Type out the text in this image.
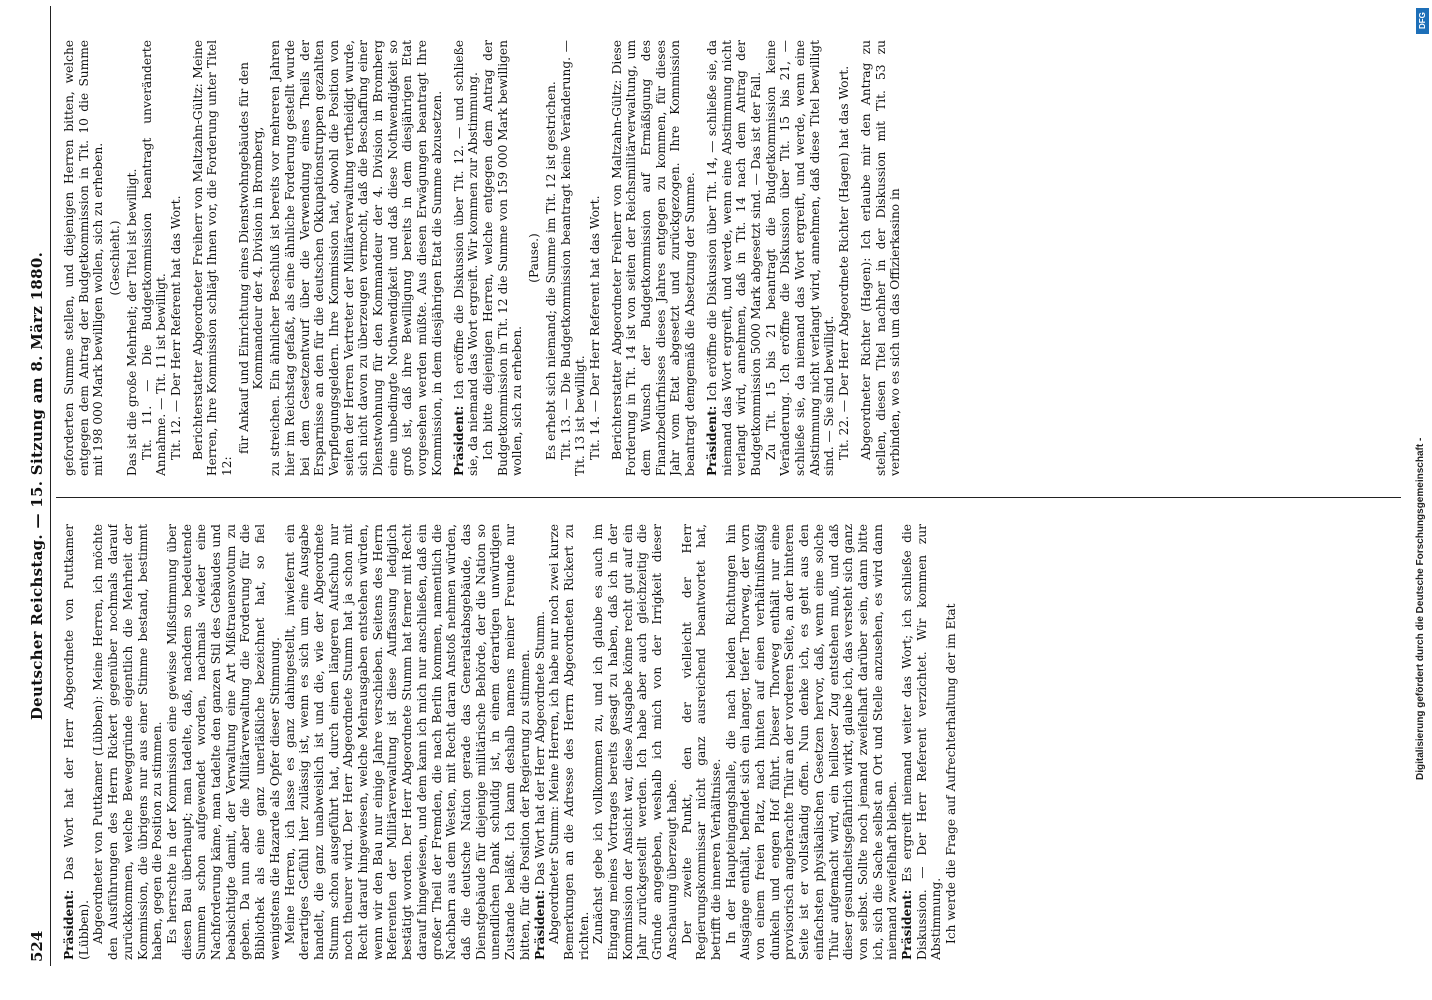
524
Deutscher Reichstag. — 15. Sitzung am 8. März 1880.

Präsident: Das Wort hat der Herr Abgeordnete von Puttkamer (Lübben). Abgeordneter von Puttkamer (Lübben): Meine Herren, ich möchte den Ausführungen des Herrn Rickert gegenüber nochmals darauf zurückkommen, welche Beweggründe eigentlich die Mehrheit der Kommission, die übrigens nur aus einer Stimme bestand, bestimmt haben, gegen die Position zu stimmen. Es herrschte in der Kommission eine gewisse Mißstimmung über diesen Bau überhaupt; man tadelte, daß, nachdem so bedeutende Summen schon aufgewendet worden, nachmals wieder eine Nachforderung käme, man tadelte den ganzen Stil des Gebäudes und beabsichtigte damit, der Verwaltung eine Art Mißtrauensvotum zu geben. Da nun aber die Militärverwaltung die Forderung für die Bibliothek als eine ganz unerläßliche bezeichnet hat, so fiel wenigstens die Hazarde als Opfer dieser Stimmung. Meine Herren, ich lasse es ganz dahingestellt, inwiefernt ein derartiges Gefühl hier zulässig ist, wenn es sich um eine Ausgabe handelt, die ganz unabweislich ist und die, wie der Abgeordnete Stumm schon ausgeführt hat, durch einen längeren Aufschub nur noch theurer wird. Der Herr Abgeordnete Stumm hat ja schon mit Recht darauf hingewiesen, welche Mehrausgaben entstehen würden, wenn wir den Bau nur einige Jahre verschieben. Seitens des Herrn Referenten der Militärverwaltung ist diese Auffassung lediglich bestätigt worden. Der Herr Abgeordnete Stumm hat ferner mit Recht darauf hingewiesen, und dem kann ich mich nur anschließen, daß ein großer Theil der Fremden, die nach Berlin kommen, namentlich die Nachbarn aus dem Westen, mit Recht daran Anstoß nehmen würden, daß die deutsche Nation gerade das Generalstabsgebäude, das Dienstgebäude für diejenige militärische Behörde, der die Nation so unendlichen Dank schuldig ist, in einem derartigen unwürdigen Zustande beläßt. Ich kann deshalb namens meiner Freunde nur bitten, für die Position der Regierung zu stimmen. Präsident: Das Wort hat der Herr Abgeordnete Stumm. Abgeordneter Stumm: Meine Herren, ich habe nur noch zwei kurze Bemerkungen an die Adresse des Herrn Abgeordneten Rickert zu richten. Zunächst gebe ich vollkommen zu, und ich glaube es auch im Eingang meines Vortrages bereits gesagt zu haben, daß ich in der Kommission der Ansicht war, diese Ausgabe könne recht gut auf ein Jahr zurückgestellt werden. Ich habe aber auch gleichzeitig die Gründe angegeben, weshalb ich mich von der Irrigkeit dieser Anschauung überzeugt habe. Der zweite Punkt, den der vielleicht der Herr Regierungskommissar nicht ganz ausreichend beantwortet hat, betrifft die inneren Verhältnisse. In der Haupteingangshalle, die nach beiden Richtungen hin Ausgänge enthält, befindet sich ein langer, tiefer Thorweg, der vorn von einem freien Platz, nach hinten auf einen verhältnißmäßig dunkeln und engen Hof führt. Dieser Thorweg enthält nur eine provisorisch angebrachte Thür an der vorderen Seite, an der hinteren Seite ist er vollständig offen. Nun denke ich, es geht aus den einfachsten physikalischen Gesetzen hervor, daß, wenn eine solche Thür aufgemacht wird, ein heilloser Zug entstehen muß, und daß dieser gesundheitsgefährlich wirkt, glaube ich, das versteht sich ganz von selbst. Sollte noch jemand zweifelhaft darüber sein, dann bitte ich, sich die Sache selbst an Ort und Stelle anzusehen, es wird dann niemand zweifelhaft bleiben. Präsident: Es ergreift niemand weiter das Wort; ich schließe die Diskussion. — Der Herr Referent verzichtet. Wir kommen zur Abstimmung. Ich werde die Frage auf Aufrechterhaltung der im Etat

geforderten Summe stellen, und diejenigen Herren bitten, welche entgegen dem Antrag der Budgetkommission in Tit. 10 die Summe mit 198 000 Mark bewilligen wollen, sich zu erheben. (Geschieht.) Das ist die große Mehrheit; der Titel ist bewilligt. Tit. 11. — Die Budgetkommission beantragt unveränderte Annahme. — Tit. 11 ist bewilligt. Tit. 12. — Der Herr Referent hat das Wort. Berichterstatter Abgeordneter Freiherr von Maltzahn-Gültz: Meine Herren, Ihre Kommission schlägt Ihnen vor, die Forderung unter Titel 12:

für Ankauf und Einrichtung eines Dienstwohngebäudes für den Kommandeur der 4. Division in Bromberg, zu streichen. Ein ähnlicher Beschluß ist bereits vor mehreren Jahren hier im Reichstag gefaßt, als eine ähnliche Forderung gestellt wurde bei dem Gesetzentwurf über die Verwendung eines Theils der Ersparnisse an den für die deutschen Okkupationstruppen gezahlten Verpflegungsgeldern. Ihre Kommission hat, obwohl die Position von seiten der Herren Vertreter der Militärverwaltung vertheidigt wurde, sich nicht davon zu überzeugen vermocht, daß die Beschaffung einer Dienstwohnung für den Kommandeur der 4. Division in Bromberg eine unbedingte Nothwendigkeit und daß diese Nothwendigkeit so groß ist, daß ihre Bewilligung bereits in dem diesjährigen Etat vorgesehen werden müßte. Aus diesen Erwägungen beantragt Ihre Kommission, in dem diesjährigen Etat die Summe abzusetzen. Präsident: Ich eröffne die Diskussion über Tit. 12. — und schließe sie, da niemand das Wort ergreift. Wir kommen zur Abstimmung. Ich bitte diejenigen Herren, welche entgegen dem Antrag der Budgetkommission in Tit. 12 die Summe von 159 000 Mark bewilligen wollen, sich zu erheben.

(Pause.) Es erhebt sich niemand; die Summe im Tit. 12 ist gestrichen. Tit. 13. — Die Budgetkommission beantragt keine Veränderung. — Tit. 13 ist bewilligt. Tit. 14. — Der Herr Referent hat das Wort. Berichterstatter Abgeordneter Freiherr von Maltzahn-Gültz: Diese Forderung in Tit. 14 ist von seiten der Reichsmilitärverwaltung, um dem Wunsch der Budgetkommission auf Ermäßigung des Finanzbedürfnisses dieses Jahres entgegen zu kommen, für dieses Jahr vom Etat abgesetzt und zurückgezogen. Ihre Kommission beantragt demgemäß die Absetzung der Summe. Präsident: Ich eröffne die Diskussion über Tit. 14, — schließe sie, da niemand das Wort ergreift, und werde, wenn eine Abstimmung nicht verlangt wird, annehmen, daß in Tit. 14 nach dem Antrag der Budgetkommission 5000 Mark abgesetzt sind. — Das ist der Fall. Zu Tit. 15 bis 21 beantragt die Budgetkommission keine Veränderung. Ich eröffne die Diskussion über Tit. 15 bis 21, — schließe sie, da niemand das Wort ergreift, und werde, wenn eine Abstimmung nicht verlangt wird, annehmen, daß diese Titel bewilligt sind. — Sie sind bewilligt. Tit. 22. — Der Herr Abgeordnete Richter (Hagen) hat das Wort. Abgeordneter Richter (Hagen): Ich erlaube mir den Antrag zu stellen, diesen Titel nachher in der Diskussion mit Tit. 53 zu verbinden, wo es sich um das Offizierkasino in

DFG
Digitalisierung gefördert durch die Deutsche Forschungsgemeinschaft -
